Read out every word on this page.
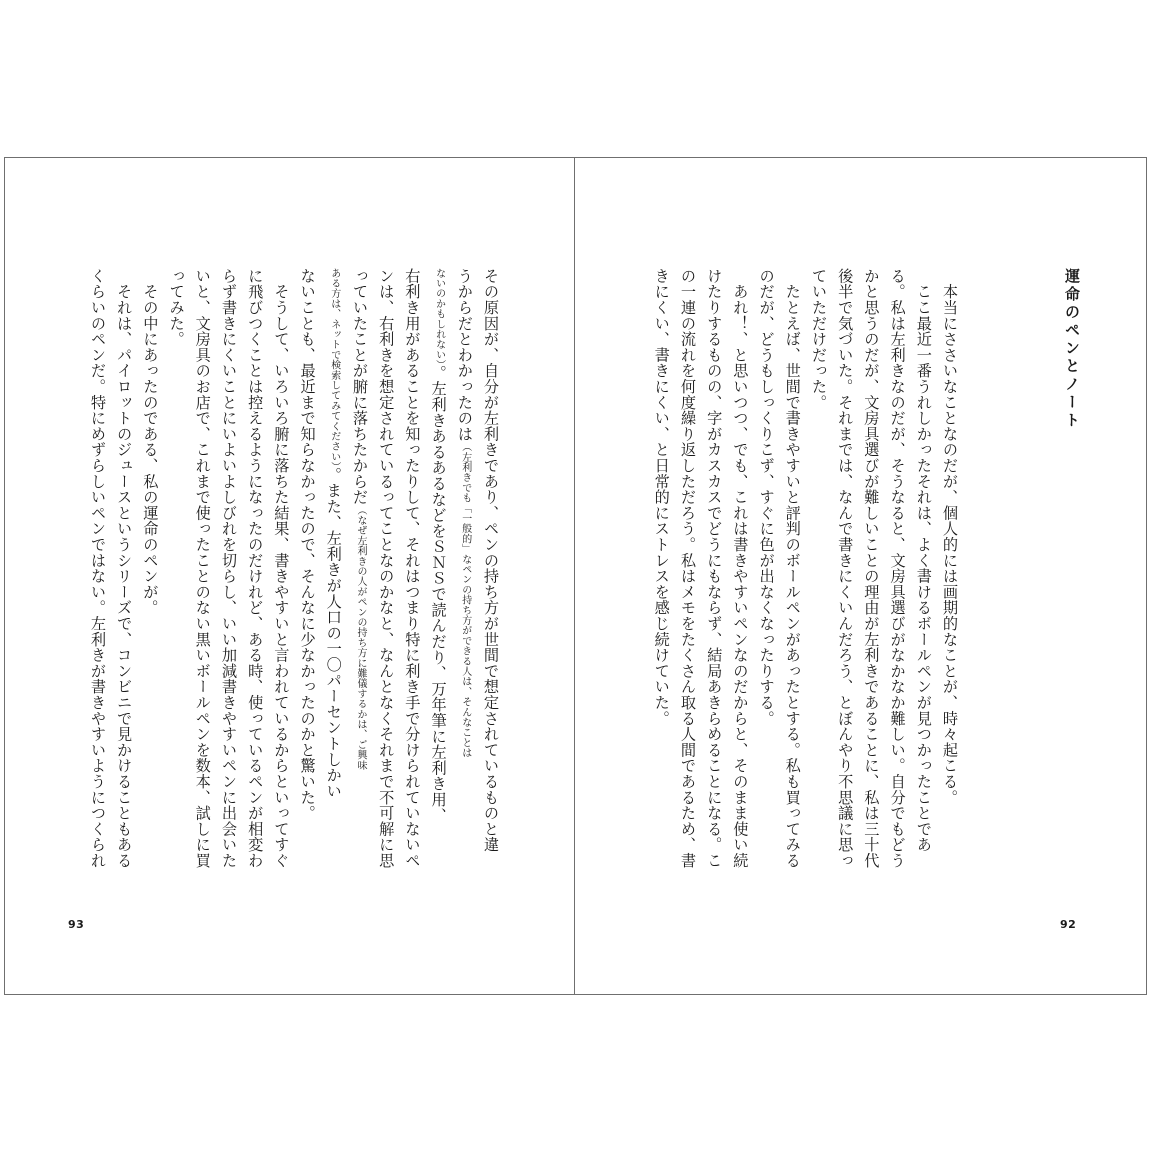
運命のペンとノート
　本当にささいなことなのだが、個人的には画期的なことが、時々起こる。
　ここ最近一番うれしかったそれは、よく書けるボールペンが見つかったことであ
る。私は左利きなのだが、そうなると、文房具選びがなかなか難しい。自分でもどう
かと思うのだが、文房具選びが難しいことの理由が左利きであることに、私は三十代
後半で気づいた。それまでは、なんで書きにくいんだろう、とぼんやり不思議に思っ
ていただけだった。
　たとえば、世間で書きやすいと評判のボールペンがあったとする。私も買ってみる
のだが、どうもしっくりこず、すぐに色が出なくなったりする。
　あれ！、と思いつつ、でも、これは書きやすいペンなのだからと、そのまま使い続
けたりするものの、字がカスカスでどうにもならず、結局あきらめることになる。こ
の一連の流れを何度繰り返しただろう。私はメモをたくさん取る人間であるため、書
きにくい、書きにくい、と日常的にストレスを感じ続けていた。
92
その原因が、自分が左利きであり、ペンの持ち方が世間で想定されているものと違
うからだとわかったのは（左利きでも「一般的」なペンの持ち方ができる人は、そんなことは
ないのかもしれない）。左利きあるあるなどをＳＮＳで読んだり、万年筆に左利き用、
右利き用があることを知ったりして、それはつまり特に利き手で分けられていないペ
ンは、右利きを想定されているってことなのかなと、なんとなくそれまで不可解に思
っていたことが腑に落ちたからだ（なぜ左利きの人がペンの持ち方に難儀するかは、ご興味
ある方は、ネットで検索してみてください）。また、左利きが人口の一〇パーセントしかい
ないことも、最近まで知らなかったので、そんなに少なかったのかと驚いた。
　そうして、いろいろ腑に落ちた結果、書きやすいと言われているからといってすぐ
に飛びつくことは控えるようになったのだけれど、ある時、使っているペンが相変わ
らず書きにくいことにいよいよしびれを切らし、いい加減書きやすいペンに出会いた
いと、文房具のお店で、これまで使ったことのない黒いボールペンを数本、試しに買
ってみた。
　その中にあったのである、私の運命のペンが。
　それは、パイロットのジュースというシリーズで、コンビニで見かけることもある
くらいのペンだ。特にめずらしいペンではない。左利きが書きやすいようにつくられ
93
